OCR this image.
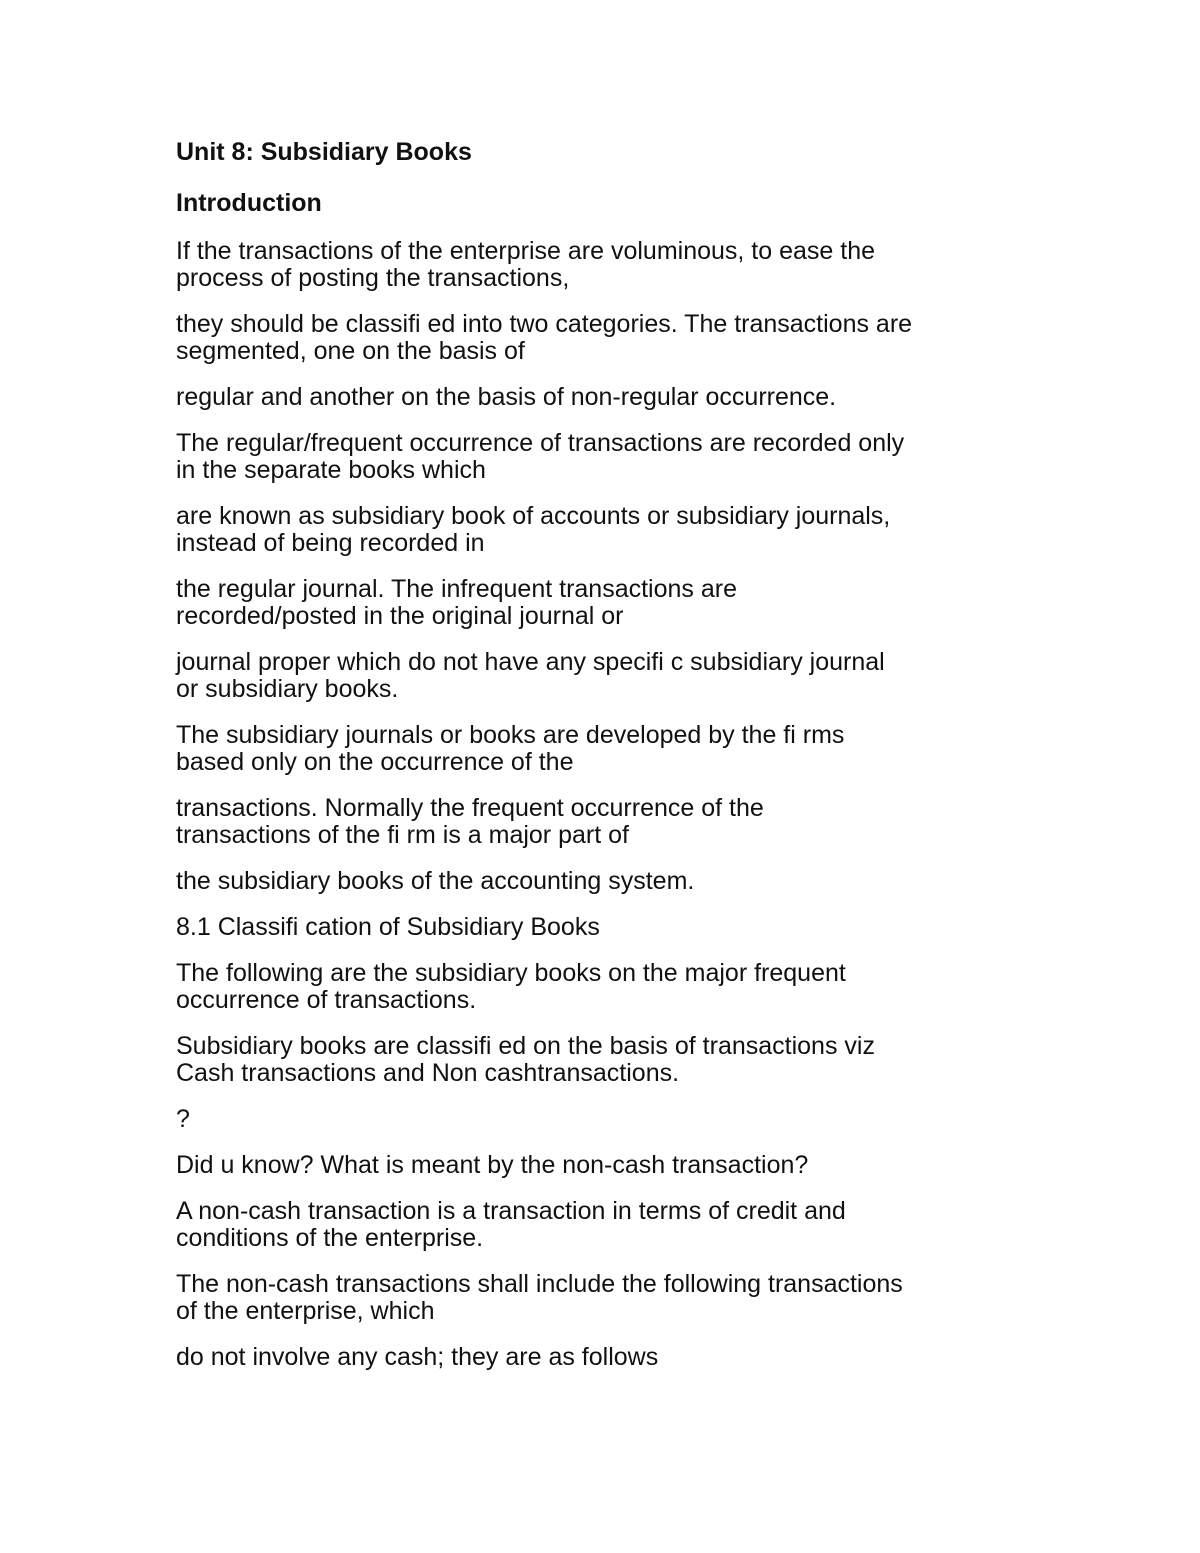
Unit 8: Subsidiary Books
Introduction
If the transactions of the enterprise are voluminous, to ease the
process of posting the transactions,
they should be classifi ed into two categories. The transactions are
segmented, one on the basis of
regular and another on the basis of non-regular occurrence.
The regular/frequent occurrence of transactions are recorded only
in the separate books which
are known as subsidiary book of accounts or subsidiary journals,
instead of being recorded in
the regular journal. The infrequent transactions are
recorded/posted in the original journal or
journal proper which do not have any specifi c subsidiary journal
or subsidiary books.
The subsidiary journals or books are developed by the fi rms
based only on the occurrence of the
transactions. Normally the frequent occurrence of the
transactions of the fi rm is a major part of
the subsidiary books of the accounting system.
8.1 Classifi cation of Subsidiary Books
The following are the subsidiary books on the major frequent
occurrence of transactions.
Subsidiary books are classifi ed on the basis of transactions viz
Cash transactions and Non cashtransactions.
?
Did u know? What is meant by the non-cash transaction?
A non-cash transaction is a transaction in terms of credit and
conditions of the enterprise.
The non-cash transactions shall include the following transactions
of the enterprise, which
do not involve any cash; they are as follows
